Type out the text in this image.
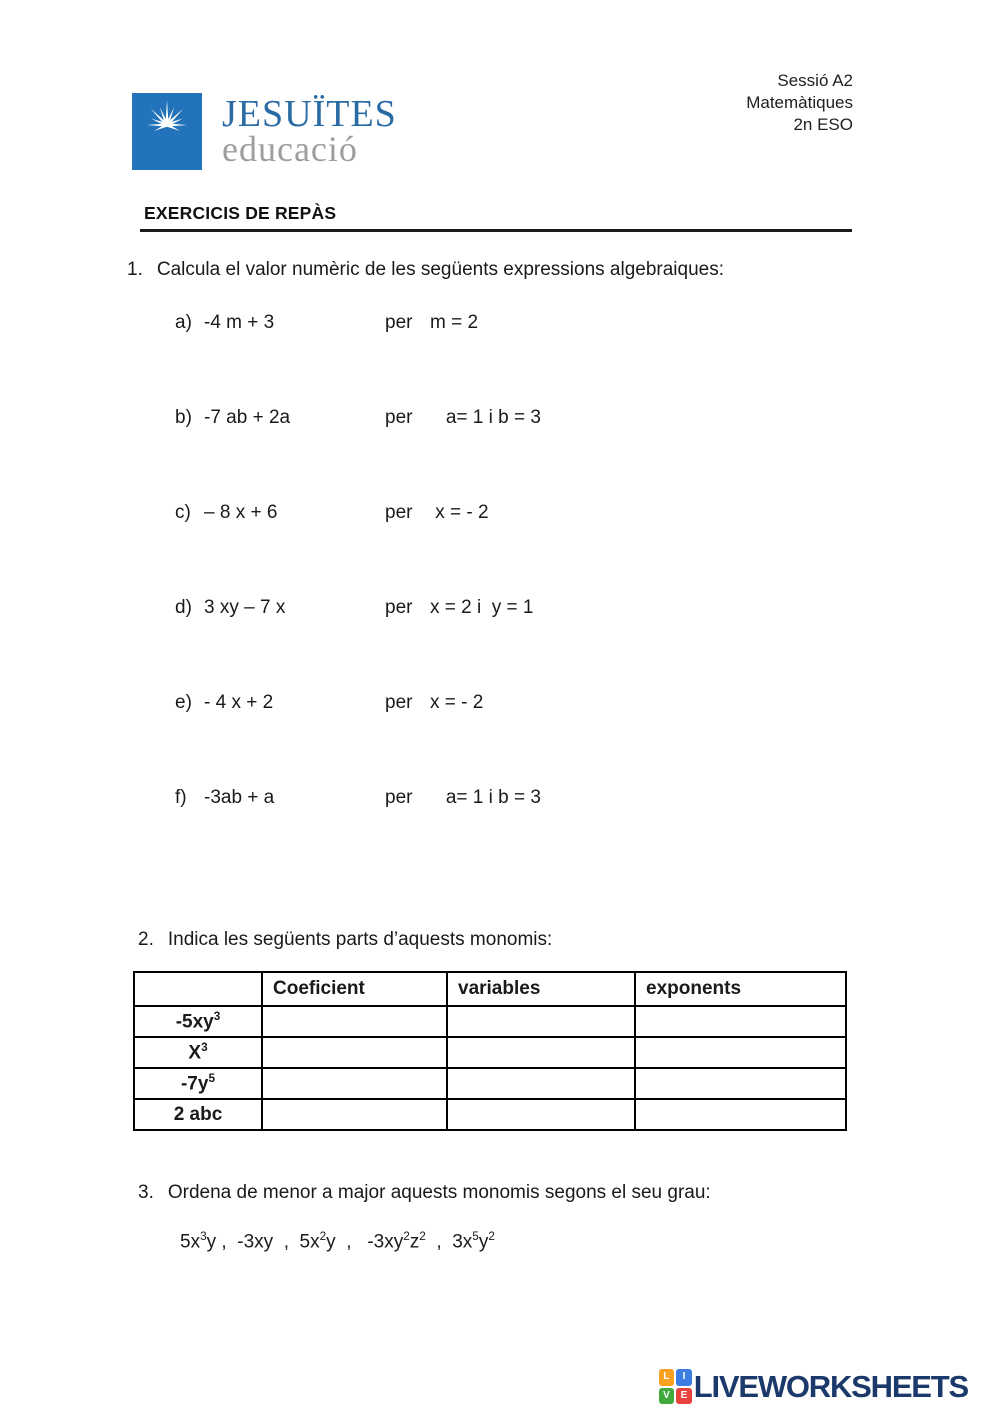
JESUÏTES
educació
Sessió A2
Matemàtiques
2n ESO
EXERCICIS DE REPÀS
1. Calcula el valor numèric de les següents expressions algebraiques:
a) -4 m + 3	per m = 2
b) -7 ab + 2a	per a= 1 i b = 3
c) – 8 x + 6	per x = - 2
d) 3 xy – 7 x	per x = 2 i  y = 1
e) - 4 x + 2	per x = - 2
f) -3ab + a	per a= 1 i b = 3
2. Indica les següents parts d’aquests monomis:
	Coeficient	variables	exponents
$-5xy^3$			
$X^3$			
$-7y^5$			
2 abc			
3. Ordena de menor a major aquests monomis segons el seu grau:
$5x^3y$ ,  -3xy  ,  $5x^2y$  ,   $-3xy^2z^2$  ,  $3x^5y^2$
L	I
V	E LIVEWORKSHEETS
